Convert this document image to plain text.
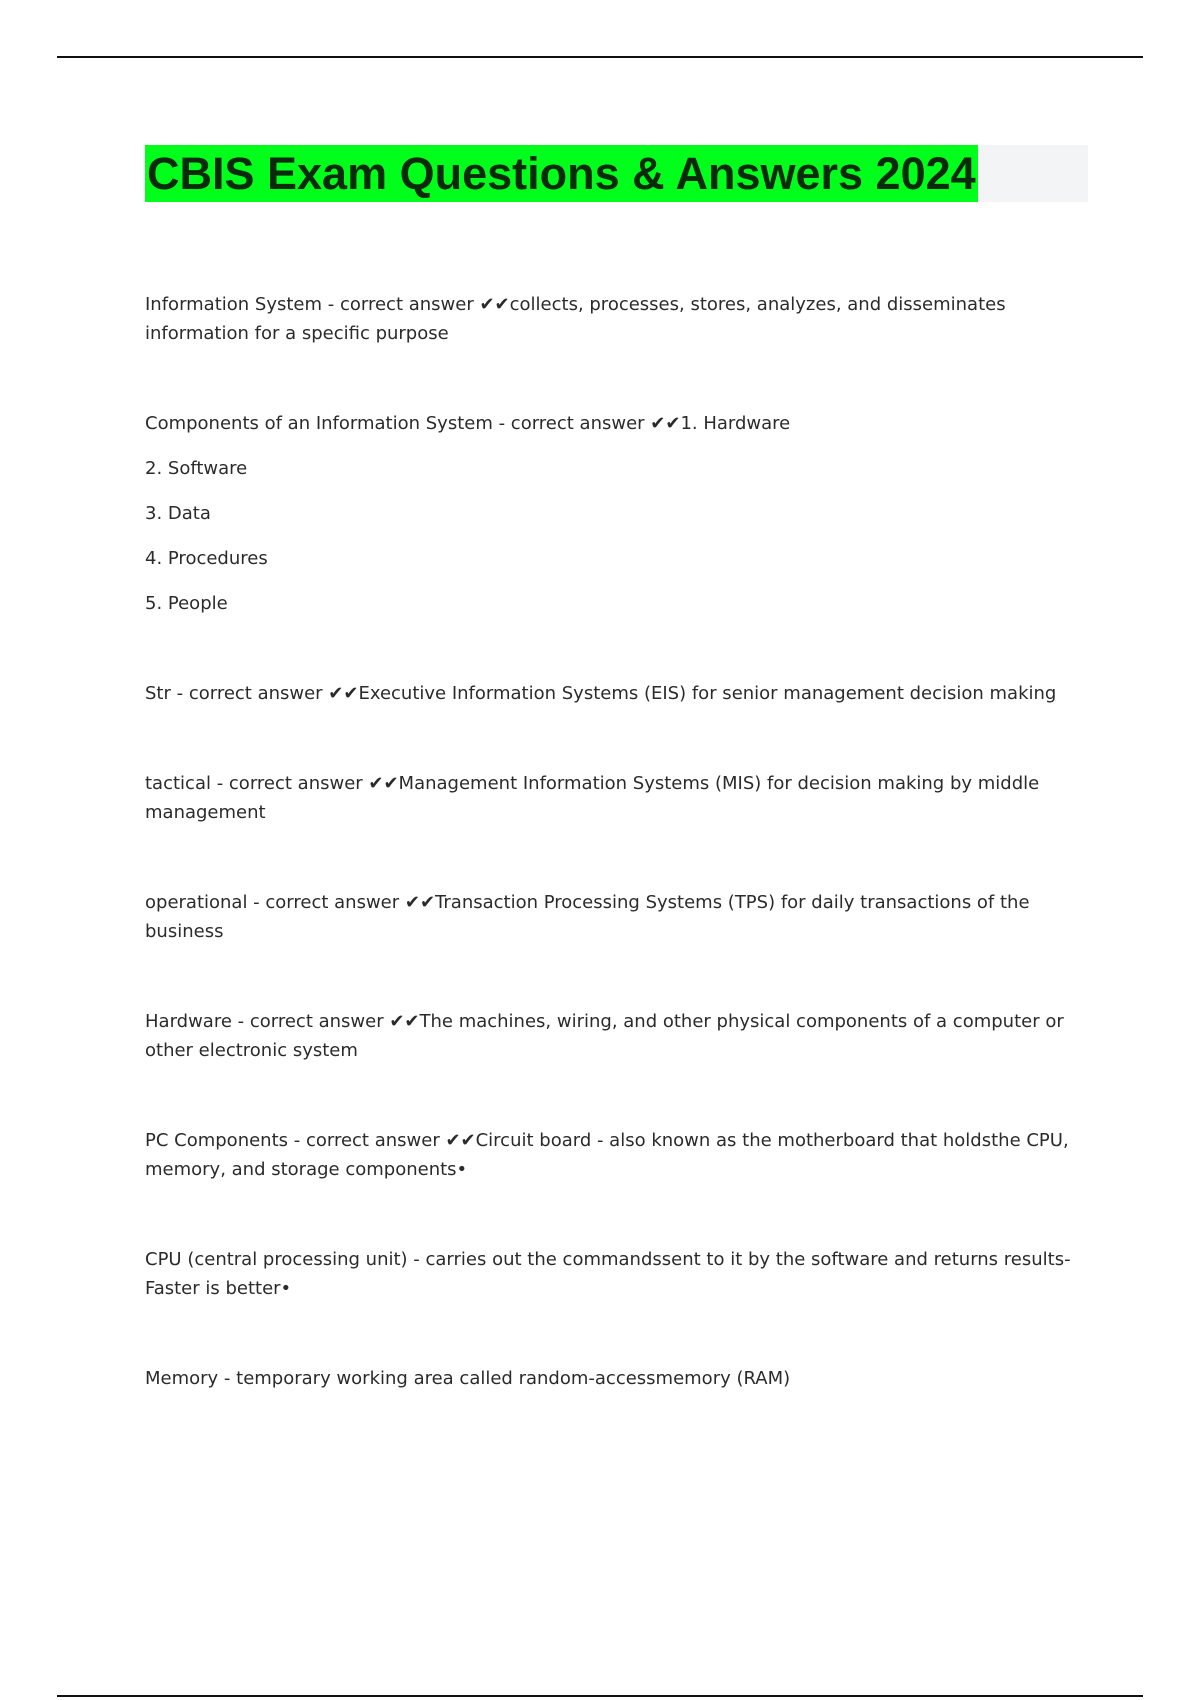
CBIS Exam Questions & Answers 2024

Information System - correct answer ✔✔collects, processes, stores, analyzes, and disseminates information for a specific purpose

Components of an Information System - correct answer ✔✔1. Hardware

2. Software

3. Data

4. Procedures

5. People

Str - correct answer ✔✔Executive Information Systems (EIS) for senior management decision making

tactical - correct answer ✔✔Management Information Systems (MIS) for decision making by middle management

operational - correct answer ✔✔Transaction Processing Systems (TPS) for daily transactions of the business

Hardware - correct answer ✔✔The machines, wiring, and other physical components of a computer or other electronic system

PC Components - correct answer ✔✔Circuit board - also known as the motherboard that holdsthe CPU, memory, and storage components•

CPU (central processing unit) - carries out the commandssent to it by the software and returns results-Faster is better•

Memory - temporary working area called random-accessmemory (RAM)
